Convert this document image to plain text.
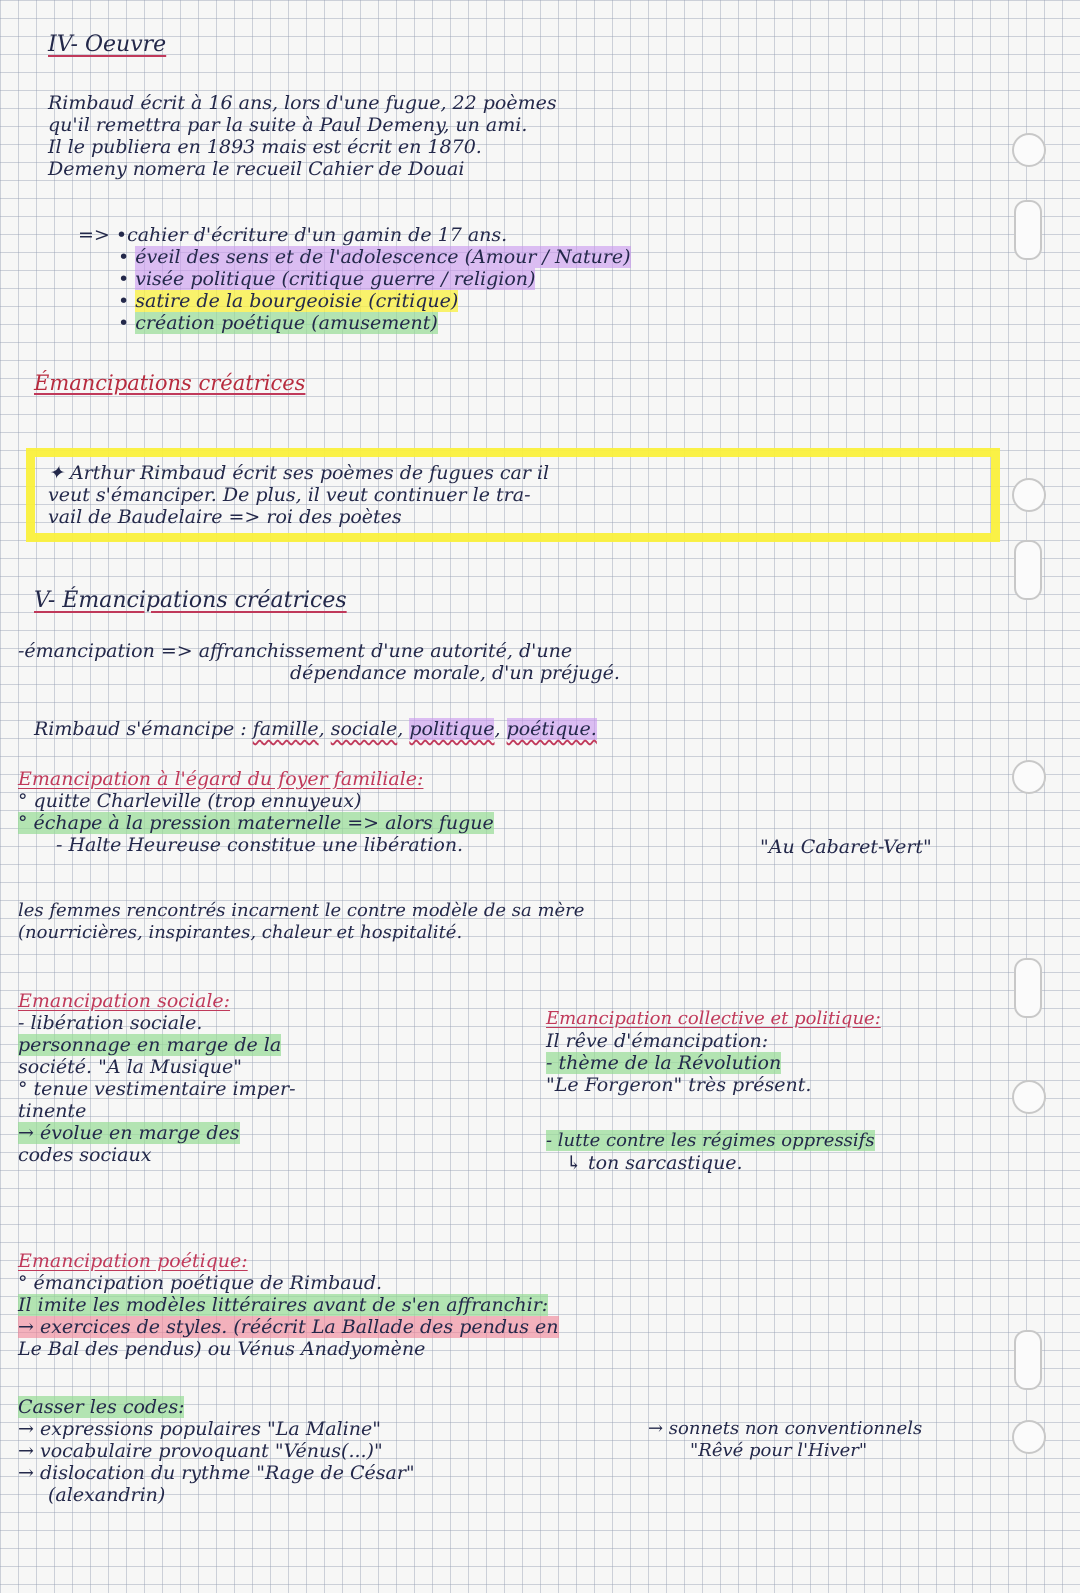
IV- Oeuvre
Rimbaud écrit à 16 ans, lors d'une fugue, 22 poèmes
qu'il remettra par la suite à Paul Demeny, un ami.
Il le publiera en 1893 mais est écrit en 1870.
Demeny nomera le recueil Cahier de Douai
=> •cahier d'écriture d'un gamin de 17 ans.
• éveil des sens et de l'adolescence (Amour / Nature)
• visée politique (critique guerre / religion)
• satire de la bourgeoisie (critique)
• création poétique (amusement)
Émancipations créatrices
✦ Arthur Rimbaud écrit ses poèmes de fugues car il
veut s'émanciper. De plus, il veut continuer le tra-
vail de Baudelaire => roi des poètes
V- Émancipations créatrices
-émancipation => affranchissement d'une autorité, d'une
dépendance morale, d'un préjugé.
Rimbaud s'émancipe : famille, sociale, politique, poétique.
Emancipation à l'égard du foyer familiale:
° quitte Charleville (trop ennuyeux)
° échape à la pression maternelle => alors fugue
- Halte Heureuse constitue une libération.	"Au Cabaret-Vert"
les femmes rencontrés incarnent le contre modèle de sa mère
(nourricières, inspirantes, chaleur et hospitalité.
Emancipation sociale:
- libération sociale.
personnage en marge de la
société. "A la Musique"
° tenue vestimentaire imper-
tinente
→ évolue en marge des
codes sociaux
Emancipation collective et politique:
Il rêve d'émancipation:
- thème de la Révolution
"Le Forgeron" très présent.
- lutte contre les régimes oppressifs
↳ ton sarcastique.
Emancipation poétique:
° émancipation poétique de Rimbaud.
Il imite les modèles littéraires avant de s'en affranchir:
→ exercices de styles. (réécrit La Ballade des pendus en
Le Bal des pendus) ou Vénus Anadyomène
Casser les codes:
→ expressions populaires "La Maline"
→ vocabulaire provoquant "Vénus(...)"
→ dislocation du rythme "Rage de César"
(alexandrin)
→ sonnets non conventionnels
"Rêvé pour l'Hiver"
